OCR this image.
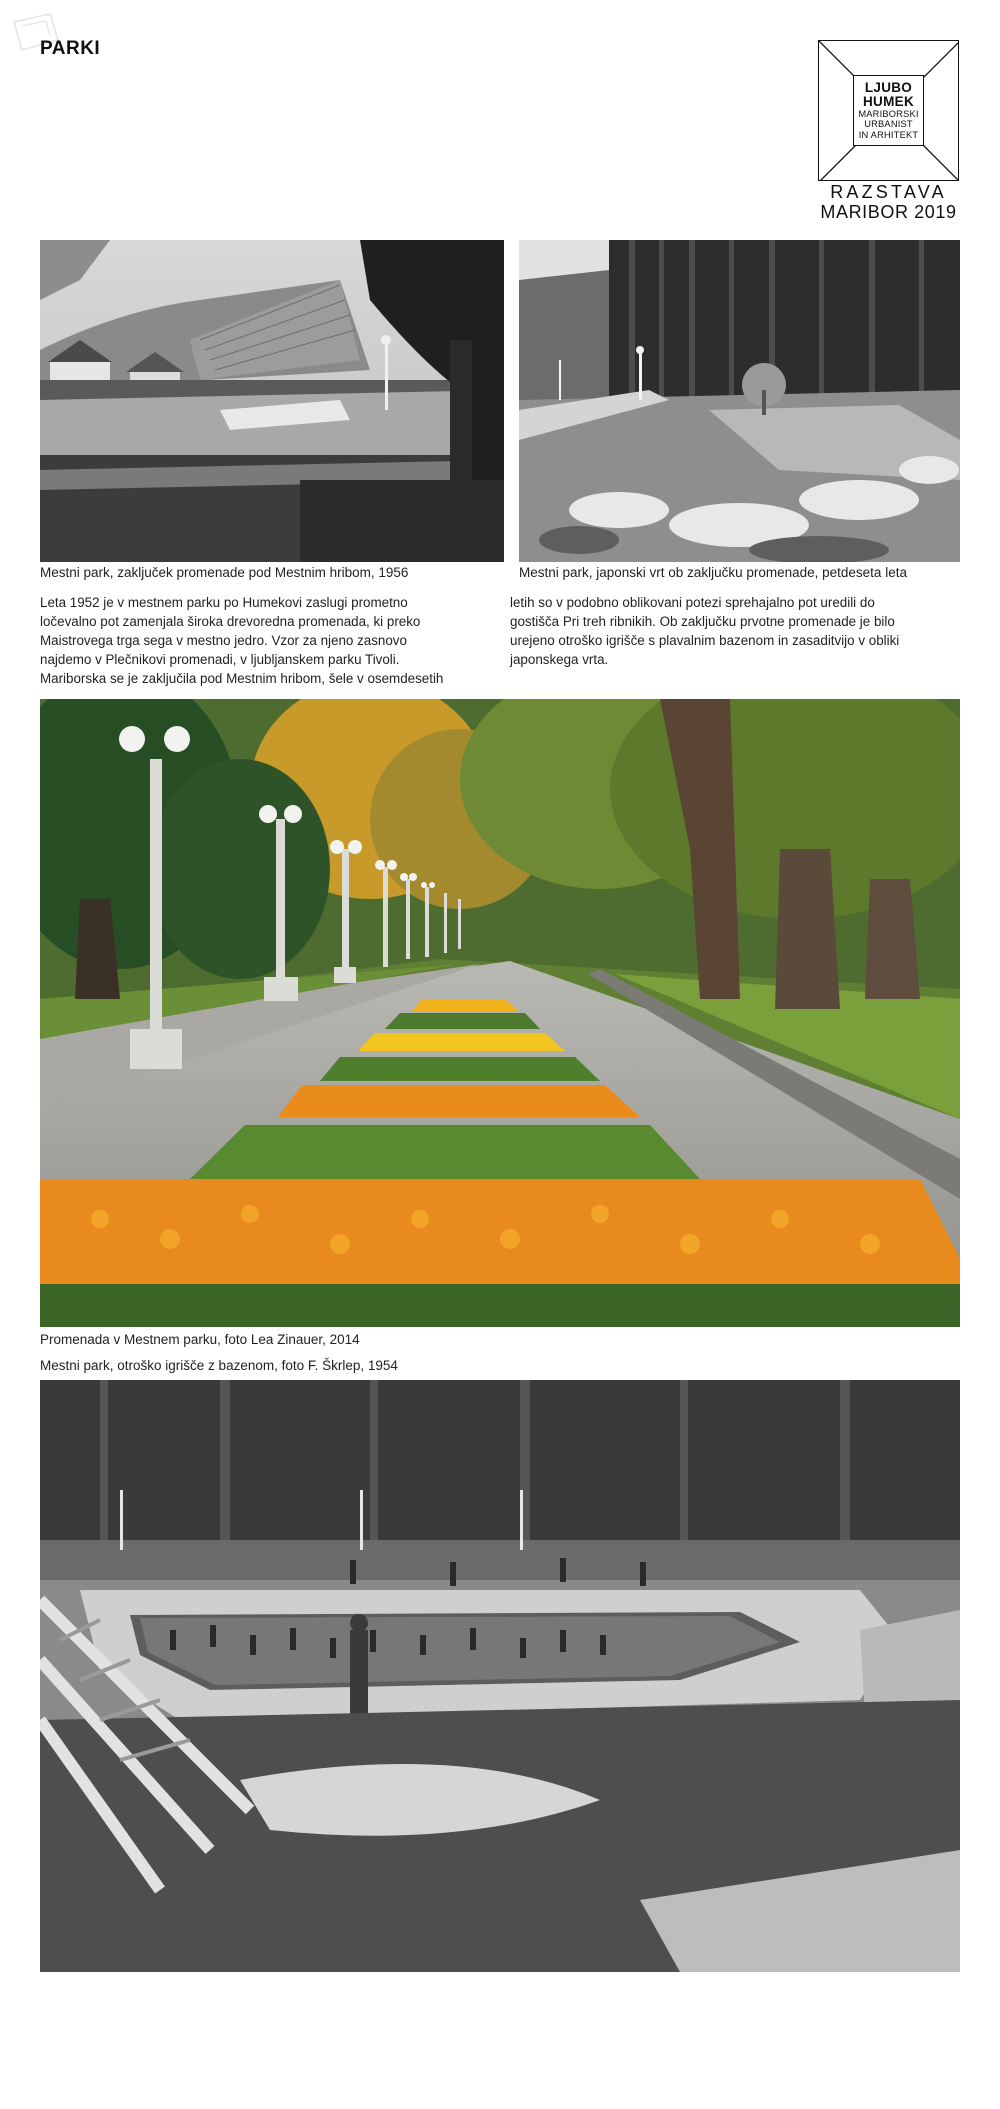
PARKI
LJUBO
HUMEK
MARIBORSKI
URBANIST
IN ARHITEKT
RAZSTAVA
MARIBOR 2019
Mestni park, zaključek promenade pod Mestnim hribom, 1956	Mestni park, japonski vrt ob zaključku promenade, petdeseta leta

Leta 1952 je v mestnem parku po Humekovi zaslugi prometno

ločevalno pot zamenjala široka drevoredna promenada, ki preko

Maistrovega trga sega v mestno jedro. Vzor za njeno zasnovo

najdemo v Plečnikovi promenadi, v ljubljanskem parku Tivoli.

Mariborska se je zaključila pod Mestnim hribom, šele v osemdesetih

letih so v podobno oblikovani potezi sprehajalno pot uredili do

gostišča Pri treh ribnikih. Ob zaključku prvotne promenade je bilo

urejeno otroško igrišče s plavalnim bazenom in zasaditvijo v obliki

japonskega vrta.

Promenada v Mestnem parku, foto Lea Zinauer, 2014
Mestni park, otroško igrišče z bazenom, foto F. Škrlep, 1954
